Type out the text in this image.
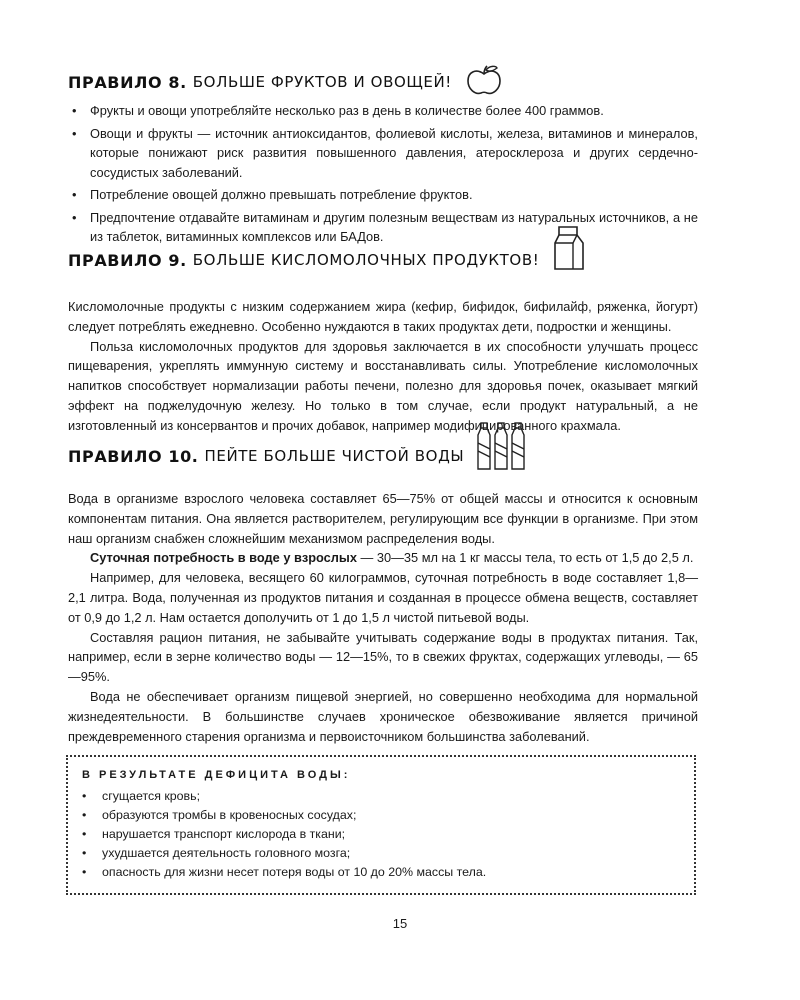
ПРАВИЛО 8. БОЛЬШЕ ФРУКТОВ И ОВОЩЕЙ!
• Фрукты и овощи употребляйте несколько раз в день в количестве более 400 граммов.
• Овощи и фрукты — источник антиоксидантов, фолиевой кислоты, железа, витаминов и минералов, которые понижают риск развития повышенного давления, атеросклероза и других сердечно-сосудистых заболеваний.
• Потребление овощей должно превышать потребление фруктов.
• Предпочтение отдавайте витаминам и другим полезным веществам из натуральных источников, а не из таблеток, витаминных комплексов или БАДов.
ПРАВИЛО 9. БОЛЬШЕ КИСЛОМОЛОЧНЫХ ПРОДУКТОВ!

Кисломолочные продукты с низким содержанием жира (кефир, бифидок, бифилайф, ряженка, йогурт) следует потреблять ежедневно. Особенно нуждаются в таких продуктах дети, подростки и женщины.

Польза кисломолочных продуктов для здоровья заключается в их способности улучшать процесс пищеварения, укреплять иммунную систему и восстанавливать силы. Употребление кисломолочных напитков способствует нормализации работы печени, полезно для здоровья почек, оказывает мягкий эффект на поджелудочную железу. Но только в том случае, если продукт натуральный, а не изготовленный из консервантов и прочих добавок, например модифицированного крахмала.

ПРАВИЛО 10. ПЕЙТЕ БОЛЬШЕ ЧИСТОЙ ВОДЫ

Вода в организме взрослого человека составляет 65—75% от общей массы и относится к основным компонентам питания. Она является растворителем, регулирующим все функции в организме. При этом наш организм снабжен сложнейшим механизмом распределения воды.

Суточная потребность в воде у взрослых — 30—35 мл на 1 кг массы тела, то есть от 1,5 до 2,5 л.

Например, для человека, весящего 60 килограммов, суточная потребность в воде составляет 1,8—2,1 литра. Вода, полученная из продуктов питания и созданная в процессе обмена веществ, составляет от 0,9 до 1,2 л. Нам остается дополучить от 1 до 1,5 л чистой питьевой воды.

Составляя рацион питания, не забывайте учитывать содержание воды в продуктах питания. Так, например, если в зерне количество воды — 12—15%, то в свежих фруктах, содержащих углеводы, — 65—95%.

Вода не обеспечивает организм пищевой энергией, но совершенно необходима для нормальной жизнедеятельности. В большинстве случаев хроническое обезвоживание является причиной преждевременного старения организма и первоисточником большинства заболеваний.

В РЕЗУЛЬТАТЕ ДЕФИЦИТА ВОДЫ:
• сгущается кровь;
• образуются тромбы в кровеносных сосудах;
• нарушается транспорт кислорода в ткани;
• ухудшается деятельность головного мозга;
• опасность для жизни несет потеря воды от 10 до 20% массы тела.
15
